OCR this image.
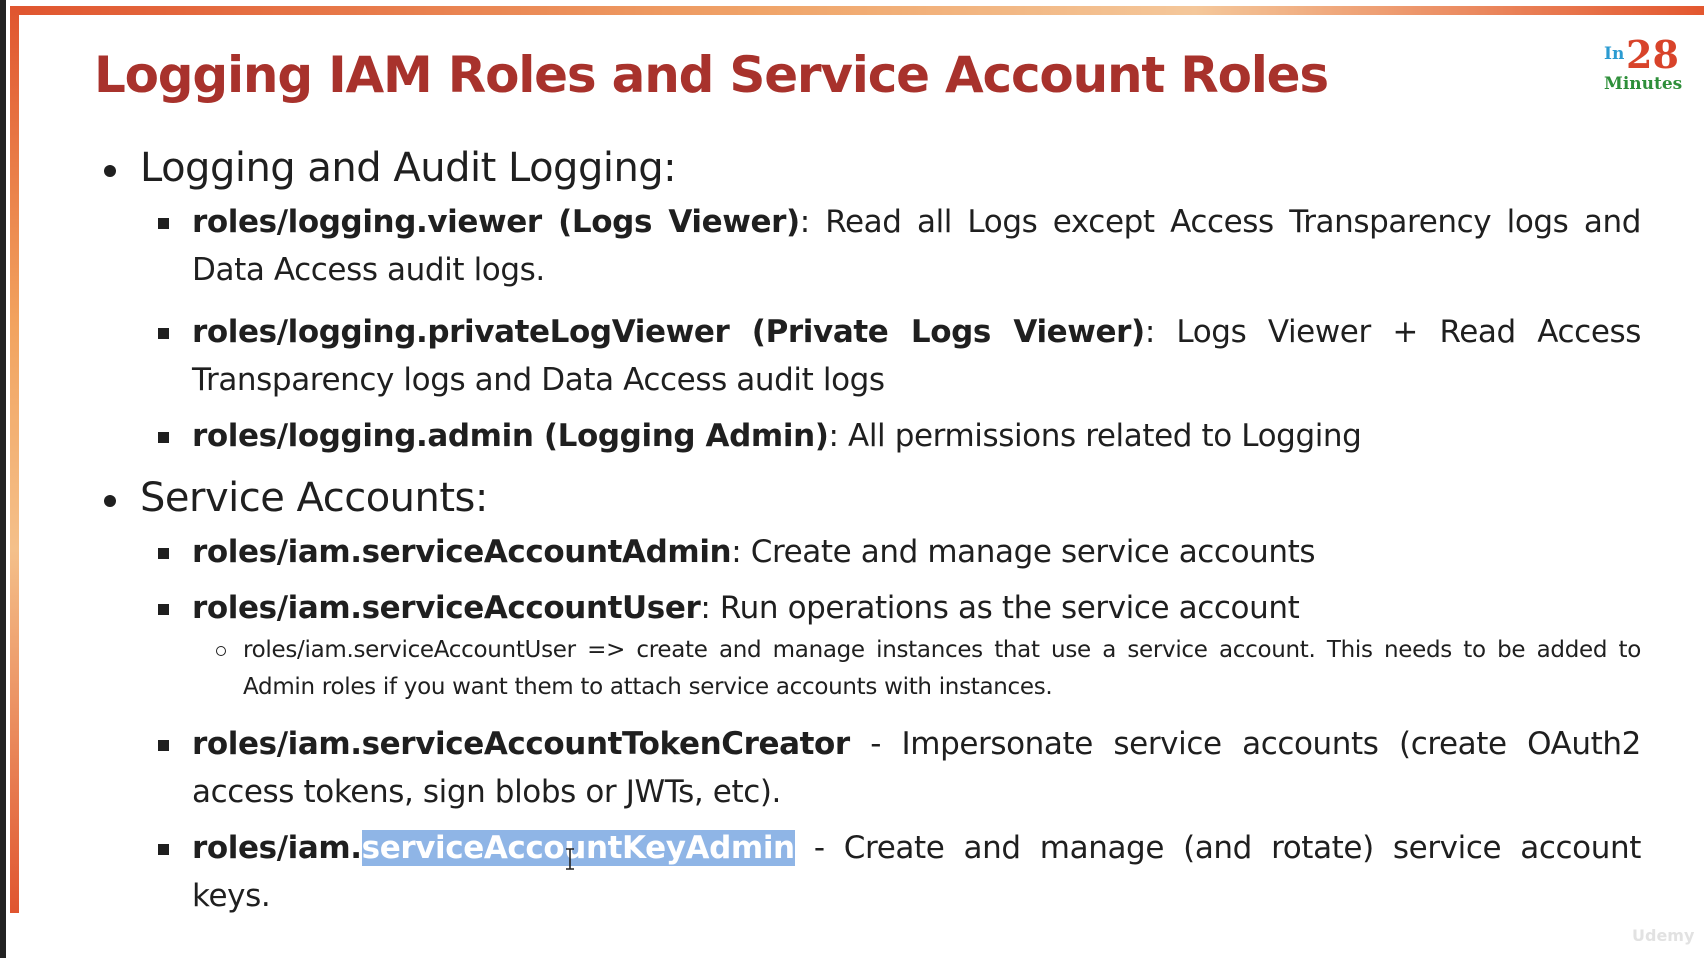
In 28
Minutes
Logging IAM Roles and Service Account Roles
Logging and Audit Logging:
roles/logging.viewer (Logs Viewer): Read all Logs except Access Transparency logs and Data Access audit logs.
roles/logging.privateLogViewer (Private Logs Viewer): Logs Viewer + Read Access Transparency logs and Data Access audit logs
roles/logging.admin (Logging Admin): All permissions related to Logging
Service Accounts:
roles/iam.serviceAccountAdmin: Create and manage service accounts
roles/iam.serviceAccountUser: Run operations as the service account
roles/iam.serviceAccountUser => create and manage instances that use a service account. This needs to be added to Admin roles if you want them to attach service accounts with instances.
roles/iam.serviceAccountTokenCreator - Impersonate service accounts (create OAuth2 access tokens, sign blobs or JWTs, etc).
roles/iam.serviceAccountKeyAdmin - Create and manage (and rotate) service account keys.
Udemy
